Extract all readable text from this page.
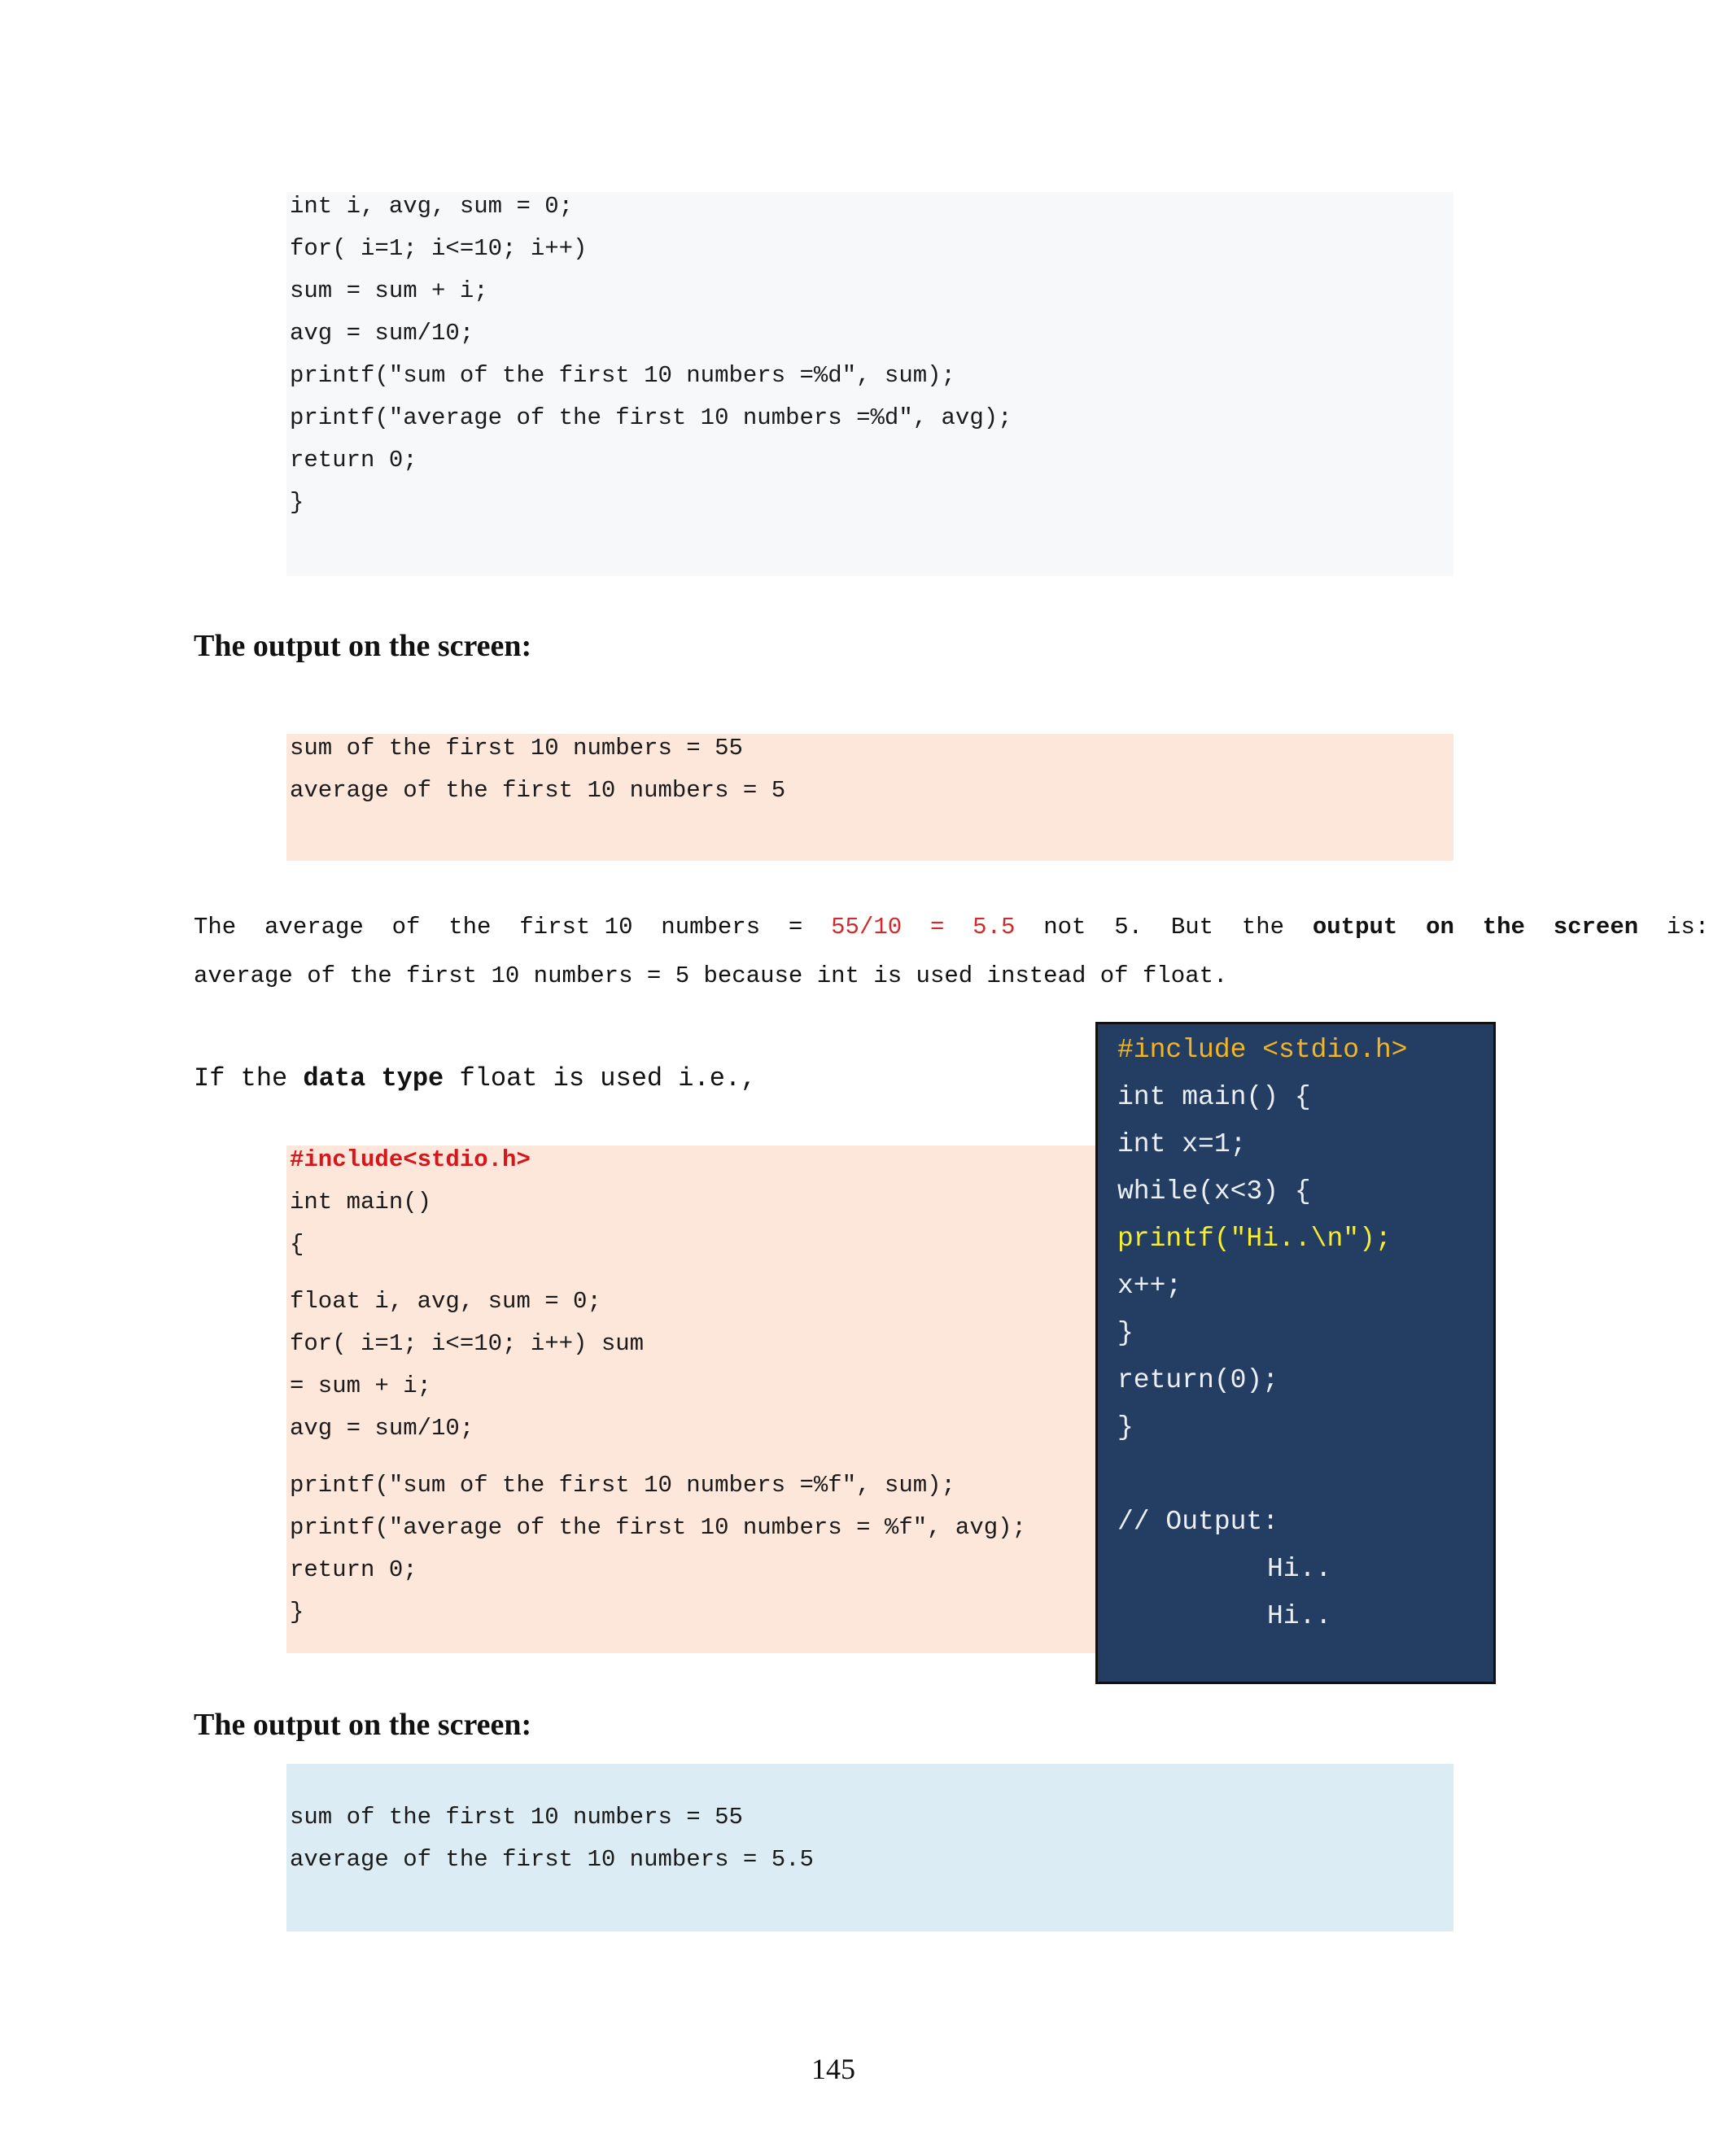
int i, avg, sum = 0;
for( i=1; i<=10; i++)
sum = sum + i;
avg = sum/10;
printf("sum of the first 10 numbers =%d", sum);
printf("average of the first 10 numbers =%d", avg);
return 0;
}
The output on the screen:
sum of the first 10 numbers = 55
average of the first 10 numbers = 5
The  average  of  the  first 10  numbers  =  55/10  =  5.5  not  5.  But  the  output  on  the  screen  is:
average of the first 10 numbers = 5 because int is used instead of float.
If the data type float is used i.e.,
#include<stdio.h>
int main()
{
float i, avg, sum = 0;
for( i=1; i<=10; i++) sum
= sum + i;
avg = sum/10;
printf("sum of the first 10 numbers =%f", sum);
printf("average of the first 10 numbers = %f", avg);
return 0;
}
#include <stdio.h>
int main() {
int x=1;
while(x<3) {
printf("Hi..\n");
x++;
}
return(0);
}
// Output:
Hi..
Hi..
The output on the screen:
sum of the first 10 numbers = 55
average of the first 10 numbers = 5.5
145
